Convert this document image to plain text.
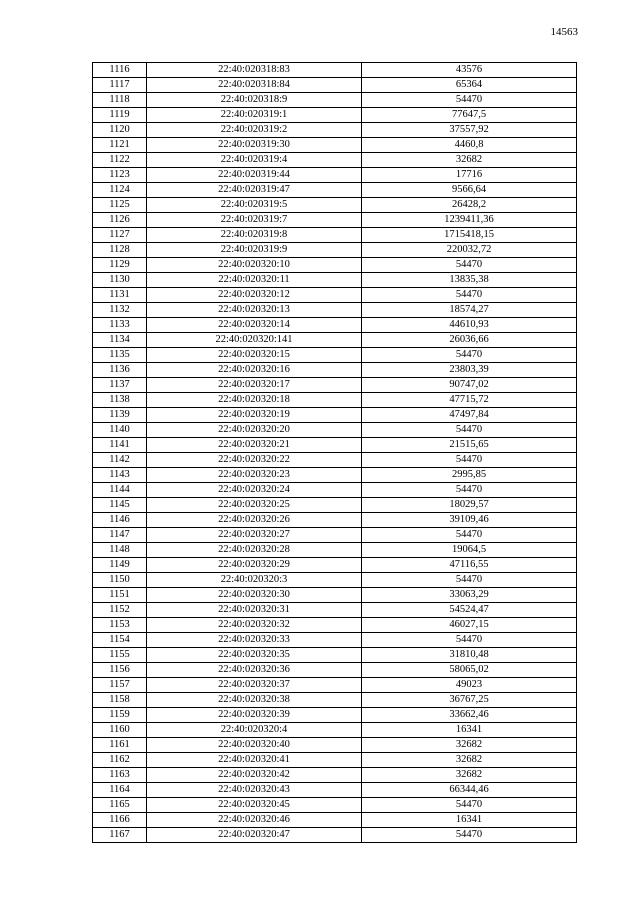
14563
1116	22:40:020318:83	43576
1117	22:40:020318:84	65364
1118	22:40:020318:9	54470
1119	22:40:020319:1	77647,5
1120	22:40:020319:2	37557,92
1121	22:40:020319:30	4460,8
1122	22:40:020319:4	32682
1123	22:40:020319:44	17716
1124	22:40:020319:47	9566,64
1125	22:40:020319:5	26428,2
1126	22:40:020319:7	1239411,36
1127	22:40:020319:8	1715418,15
1128	22:40:020319:9	220032,72
1129	22:40:020320:10	54470
1130	22:40:020320:11	13835,38
1131	22:40:020320:12	54470
1132	22:40:020320:13	18574,27
1133	22:40:020320:14	44610,93
1134	22:40:020320:141	26036,66
1135	22:40:020320:15	54470
1136	22:40:020320:16	23803,39
1137	22:40:020320:17	90747,02
1138	22:40:020320:18	47715,72
1139	22:40:020320:19	47497,84
1140	22:40:020320:20	54470
1141	22:40:020320:21	21515,65
1142	22:40:020320:22	54470
1143	22:40:020320:23	2995,85
1144	22:40:020320:24	54470
1145	22:40:020320:25	18029,57
1146	22:40:020320:26	39109,46
1147	22:40:020320:27	54470
1148	22:40:020320:28	19064,5
1149	22:40:020320:29	47116,55
1150	22:40:020320:3	54470
1151	22:40:020320:30	33063,29
1152	22:40:020320:31	54524,47
1153	22:40:020320:32	46027,15
1154	22:40:020320:33	54470
1155	22:40:020320:35	31810,48
1156	22:40:020320:36	58065,02
1157	22:40:020320:37	49023
1158	22:40:020320:38	36767,25
1159	22:40:020320:39	33662,46
1160	22:40:020320:4	16341
1161	22:40:020320:40	32682
1162	22:40:020320:41	32682
1163	22:40:020320:42	32682
1164	22:40:020320:43	66344,46
1165	22:40:020320:45	54470
1166	22:40:020320:46	16341
1167	22:40:020320:47	54470
